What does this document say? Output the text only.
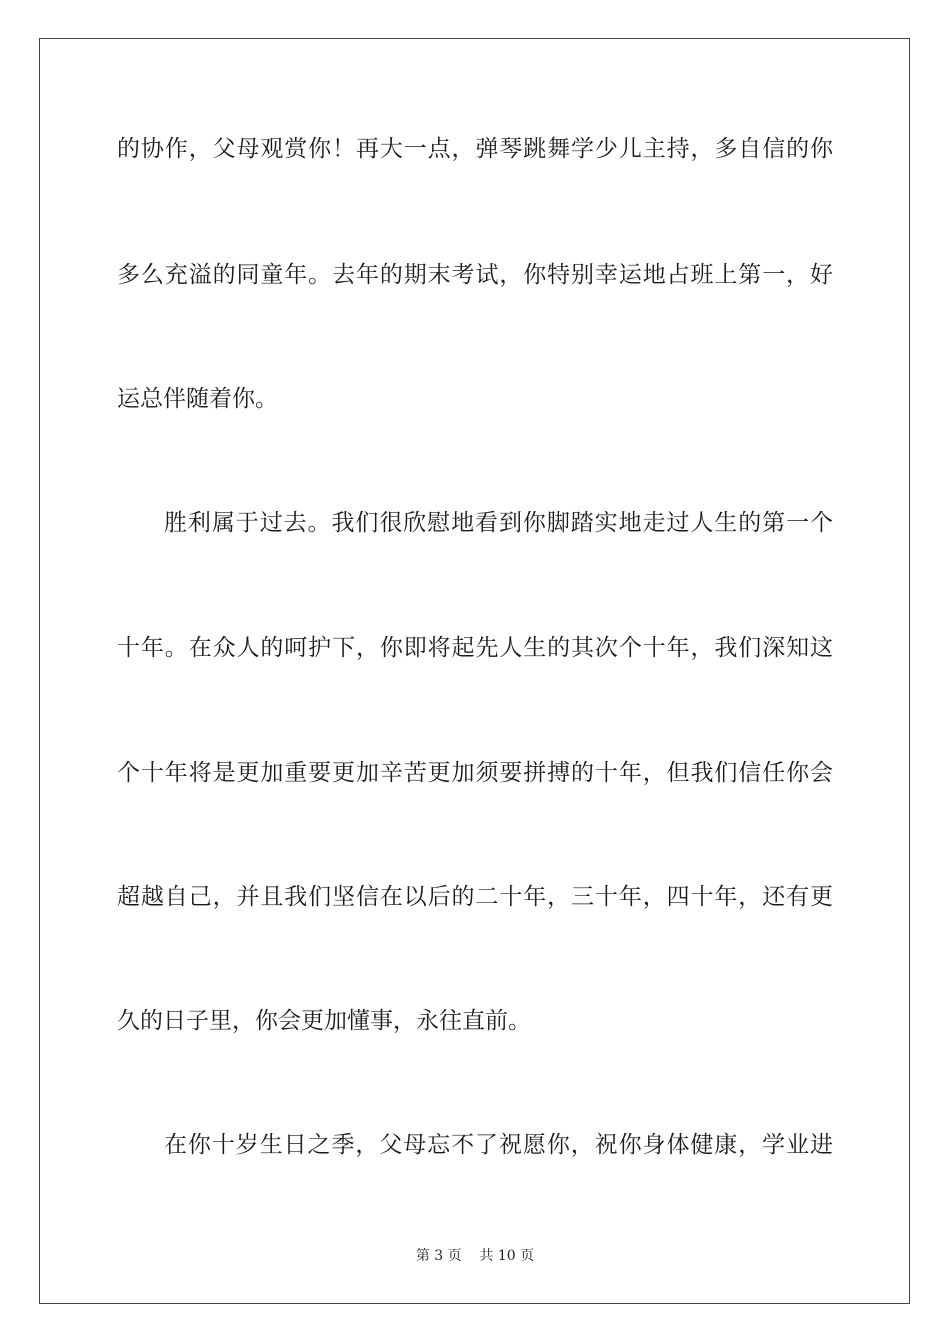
的协作，父母观赏你！再大一点，弹琴跳舞学少儿主持，多自信的你
多么充溢的同童年。去年的期末考试，你特别幸运地占班上第一，好
运总伴随着你。
胜利属于过去。我们很欣慰地看到你脚踏实地走过人生的第一个
十年。在众人的呵护下，你即将起先人生的其次个十年，我们深知这
个十年将是更加重要更加辛苦更加须要拼搏的十年，但我们信任你会
超越自己，并且我们坚信在以后的二十年，三十年，四十年，还有更
久的日子里，你会更加懂事，永往直前。
在你十岁生日之季，父母忘不了祝愿你，祝你身体健康，学业进
第 3 页    共 10 页
